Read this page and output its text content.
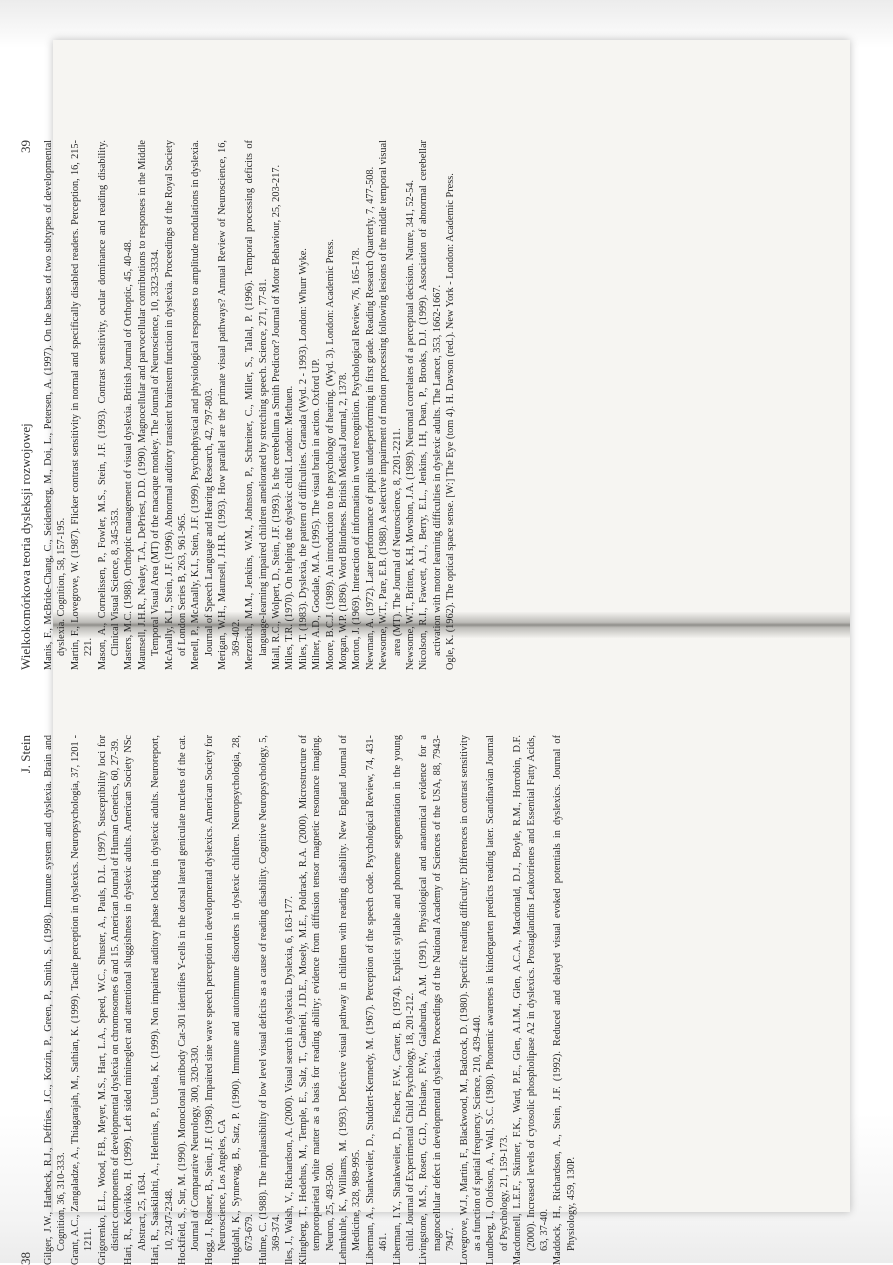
Wielkokomórkowa teoria dysleksji rozwojowej
39 Manis, F., McBride-Chang, C., Seidenberg, M., Doi, L., Petersen, A. (1997). On the bases of two subtypes of developmental dyslexia. Cognition, 58, 157-195. Martin, F., Lovegrove, W. (1987). Flicker contrast sensitivity in normal and specifically disabled readers. Perception, 16, 215-221. Mason, A., Cornelissen, P., Fowler, M.S., Stein, J.F. (1993). Contrast sensitivity, ocular dominance and reading disability. Clinical Visual Science, 8, 345-353. Masters, M.C. (1988). Orthoptic management of visual dyslexia. British Journal of Orthoptic, 45, 40-48. Maunsell, J.H.R., Nealey, T.A., DePriest, D.D. (1990). Magnocellular and parvocellular contributions to responses in the Middle Temporal Visual Area (MT) of the macaque monkey. The Journal of Neuroscience, 10, 3323-3334. McAnally, K.I., Stein, J.F. (1996). Abnormal auditory transient brainstem function in dyslexia. Proceedings of the Royal Society of London Series B, 263, 961-965. Menell, P., McAnally, K.I., Stein, J.F. (1999). Psychophysical and physiological responses to amplitude modulations in dyslexia. Journal of Speech Language and Hearing Research, 42, 797-803. Merigan, W.H., Maunsell, J.H.R. (1993). How parallel are the primate visual pathways? Annual Review of Neuroscience, 16, 369-402. Merzenich, M.M., Jenkins, W.M., Johnston, P., Schreiner, C., Miller, S., Tallal, P. (1996). Temporal processing deficits of language-learning impaired children ameliorated by stretching speech. Science, 271, 77-81. Miall, R.C., Wolpert, D., Stein, J.F. (1993). Is the cerebellum a Smith Predictor? Journal of Motor Behaviour, 25, 203-217. Miles, T.R. (1970). On helping the dyslexic child. London: Methuen. Miles, T. (1983). Dyslexia, the pattern of difficulties. Granada (Wyd. 2 - 1993). London: Whurr Wyke. Milner, A.D., Goodale, M.A. (1995). The visual brain in action. Oxford UP. Moore, B.C.J. (1989). An introduction to the psychology of hearing. (Wyd. 3). London: Academic Press. Morgan, W.P. (1896). Word Blindness. British Medical Journal, 2, 1378. Morton, J. (1969). Interaction of information in word recognition. Psychological Review, 76, 165-178. Newman, A. (1972). Later performance of pupils underperforming in first grade. Reading Research Quarterly, 7, 477-508. Newsome, W.T., Pare, E.B. (1988). A selective impairment of motion processing following lesions of the middle temporal visual area (MT). The Journal of Neuroscience, 8, 2201-2211. Newsome, W.T., Britten, K.H, Movshon, J.A. (1989). Neuronal correlates of a perceptual decision. Nature, 341, 52-54. Nicolson, R.I., Fawcett, A.J., Berry, E.L., Jenkins, I.H, Dean, P., Brooks, D.J. (1999). Association of abnormal cerebellar activation with motor learning difficulties in dyslexic adults. The Lancet, 353, 1662-1667. Ogle, K. (1962). The optical space sense. [W:] The Eye (tom 4). H. Davson (red.). New York - London: Academic Press.
38
J. Stein Gilger, J.W., Harbeck, R.J., Deffries, J.C., Kotzin, P., Green, P., Smith, S. (1998). Immune system and dyslexia. Brain and Cognition, 36, 310-333. Grant, A.C., Zangaladze, A., Thiagarajah, M., Sathian, K. (1999). Tactile perception in dyslexics. Neuropsychologia, 37, 1201 - 1211. Grigorenko, E.L., Wood, F.B., Meyer, M.S., Hart, L.A., Speed, W.C., Shuster, A., Pauls, D.L. (1997). Susceptibility loci for distinct components of developmental dyslexia on chromosomes 6 and 15. American Journal of Human Genetics, 60, 27-39. Hari, R., Koivikko, H. (1999). Left sided minineglect and attentional sluggishness in dyslexic adults. American Society NSc Abstract, 25, 1634. Hari, R., Saaskilahti, A., Helenius, P., Uutela, K. (1999). Non impaired auditory phase locking in dyslexic adults. Neuroreport, 10, 2347-2348. Hockfield, S., Sur, M. (1990). Monoclonal antibody Cat-301 identifies Y-cells in the dorsal lateral geniculate nucleus of the cat. Journal of Comparative Neurology, 300, 320-330. Hogg, J., Rosner, B., Stein, J.F. (1998). Impaired sine wave speech perception in developmental dyslexics. American Society for Neuroscience, Los Angeles, CA Hugdahl, K., Synnevag, B., Satz, P. (1990). Immune and autoimmune disorders in dyslexic children. Neuropsychologia, 28, 673-679. Hulme, C. (1988). The implausibility of low level visual deficits as a cause of reading disability. Cognitive Neuropsychology, 5, 369-374. Iles, J., Walsh, V., Richardson, A. (2000). Visual search in dyslexia. Dyslexia, 6, 163-177. Klingberg, T., Hedehus, M., Temple, E., Salz, T., Gabrieli, J.D.E., Mosely, M.E., Poldrack, R.A. (2000). Microstructure of temporoparietal white matter as a basis for reading ability; evidence from diffusion tensor magnetic resonance imaging. Neuron, 25, 493-500. Lehmkuhle, K., Williams, M. (1993). Defective visual pathway in children with reading disability. New England Journal of Medicine, 328, 989-995. Liberman, A., Shankweiler, D., Studdert-Kennedy, M. (1967). Perception of the speech code. Psychological Review, 74, 431-461. Liberman, I.Y., Shankweiler, D., Fischer, F.W., Carter, B. (1974). Explicit syllable and phoneme segmentation in the young child. Journal of Experimental Child Psychology, 18, 201-212. Livingstone, M.S., Rosen, G.D., Drislane, F.W., Galaburda, A.M. (1991). Physiological and anatomical evidence for a magnocellular defect in developmental dyslexia. Proceedings of the National Academy of Sciences of the USA, 88, 7943-7947. Lovegrove, W.J., Martin, F., Blackwood, M., Badcock, D. (1980). Specific reading difficulty: Differences in contrast sensitivity as a function of spatial frequency. Science, 210, 439-440. Lundberg, I., Olofsson, A., Wall, S.C. (1980). Phonemic awarenes in kindergarten predicts reading later. Scandinavian Journal of Psychology, 21, 159-173. Macdonnell, L.E.F., Skinner, F.K., Ward, P.E., Glen, A.I.M., Glen, A.C.A., Macdonald, D.J., Boyle, R.M., Horrobin, D.F. (2000). Increased levels of cytosolic phospholipase A2 in dyslexics. Prostaglandins Leukotrienes and Essential Fatty Acids, 63, 37-40. Maddock, H., Richardson, A., Stein, J.F. (1992). Reduced and delayed visual evoked potentials in dyslexics. Journal of Physiology, 459, 130P.
